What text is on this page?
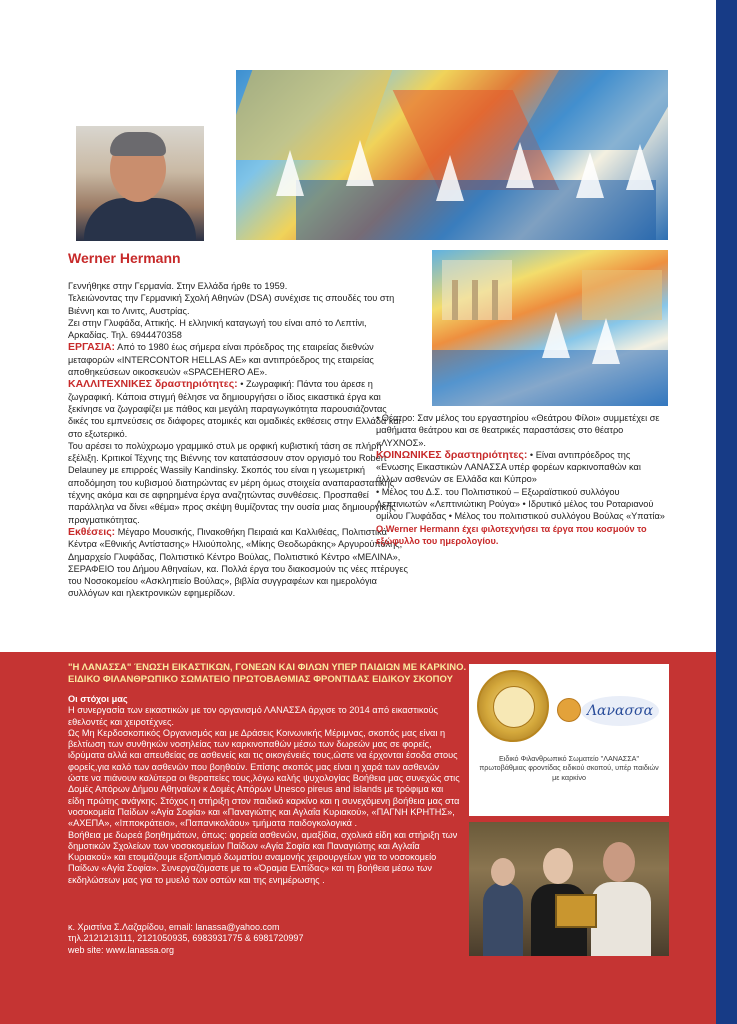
Werner Hermann

Γεννήθηκε στην Γερμανία. Στην Ελλάδα ήρθε το 1959.

Τελειώνοντας την Γερμανική Σχολή Αθηνών (DSA) συνέχισε τις σπουδές του στη Βιέννη και το Λινιτς, Αυστρίας.

Ζει στην Γλυφάδα, Αττικής. Η ελληνική καταγωγή του είναι από το Λεπτίνι, Αρκαδίας. Τηλ. 6944470358

ΕΡΓΑΣΙΑ: Από το 1980 έως σήμερα είναι πρόεδρος της εταιρείας διεθνών μεταφορών «INTERCONTOR HELLAS AE» και αντιπρόεδρος της εταιρείας αποθηκεύσεων οικοσκευών «SPACEHERO AE».

ΚΑΛΛΙΤΕΧΝΙΚΕΣ δραστηριότητες: • Ζωγραφική: Πάντα του άρεσε η ζωγραφική. Κάποια στιγμή θέλησε να δημιουργήσει ο ίδιος εικαστικά έργα και ξεκίνησε να ζωγραφίζει με πάθος και μεγάλη παραγωγικότητα παρουσιάζοντας δικές του εμπνεύσεις σε διάφορες ατομικές και ομαδικές εκθέσεις στην Ελλάδα και στο εξωτερικό.

Του αρέσει το πολύχρωμο γραμμικό στυλ με ορφική κυβιστική τάση σε πλήρη εξέλιξη. Κριτικοί Τέχνης της Βιέννης τον κατατάσσουν στον οργισμό του Robert Delauney με επιρροές Wassily Kandinsky. Σκοπός του είναι η γεωμετρική αποδόμηση του κυβισμού διατηρώντας εν μέρη όμως στοιχεία αναπαραστατικής τέχνης ακόμα και σε αφηρημένα έργα αναζητώντας συνθέσεις. Προσπαθεί παράλληλα να δίνει «θέμα» προς σκέψη θυμίζοντας την ουσία μιας δημιουργικής πραγματικότητας.

Εκθέσεις: Μέγαρο Μουσικής, Πινακοθήκη Πειραιά και Καλλιθέας, Πολιτιστικά Κέντρα «Εθνικής Αντίστασης» Ηλιούπολης, «Μίκης Θεοδωράκης» Αργυρούπολης, Δημαρχείο Γλυφάδας, Πολιτιστικό Κέντρο Βούλας, Πολιτιστικό Κέντρο «ΜΕΛΙΝΑ», ΣΕΡΑΦΕΙΟ του Δήμου Αθηναίων, κα. Πολλά έργα του διακοσμούν τις νέες πτέρυγες του Νοσοκομείου «Ασκληπιείο Βούλας», βιβλία συγγραφέων και ημερολόγια συλλόγων και ηλεκτρονικών εφημερίδων.

• Θέατρο: Σαν μέλος του εργαστηρίου «Θεάτρου Φίλοι» συμμετέχει σε μαθήματα θεάτρου και σε θεατρικές παραστάσεις στο θέατρο «ΛΥΧΝΟΣ».

ΚΟΙΝΩΝΙΚΕΣ δραστηριότητες: • Είναι αντιπρόεδρος της «Ενωσης Εικαστικών ΛΑΝΑΣΣΑ υπέρ φορέων καρκινοπαθών και άλλων ασθενών σε Ελλάδα και Κύπρο»

• Μέλος του Δ.Σ. του Πολιτιστικού – Εξωραϊστικού συλλόγου Λεπτινιωτών «Λεπτινιώτικη Ρούγα» • Ιδρυτικό μέλος του Ροταριανού ομίλου Γλυφάδας • Μέλος του πολιτιστικού συλλόγου Βούλας «Υπατία»

O Werner Hermann έχει φιλοτεχνήσει τα έργα που κοσμούν το εξώφυλλο του ημερολογίου.

"Η ΛΑΝΑΣΣΑ" ΈΝΩΣΗ ΕΙΚΑΣΤΙΚΩΝ, ΓΟΝΕΩΝ ΚΑΙ ΦΙΛΩΝ ΥΠΕΡ ΠΑΙΔΙΩΝ ΜΕ ΚΑΡΚΙΝΟ.
ΕΙΔΙΚΟ ΦΙΛΑΝΘΡΩΠΙΚΟ ΣΩΜΑΤΕΙΟ ΠΡΩΤΟΒΑΘΜΙΑΣ ΦΡΟΝΤΙΔΑΣ ΕΙΔΙΚΟΥ ΣΚΟΠΟΥ

Οι στόχοι μας

Η συνεργασία των εικαστικών με τον οργανισμό ΛΑΝΑΣΣΑ άρχισε το 2014 από εικαστικούς εθελοντές και χειροτέχνες.

Ως Μη Κερδοσκοπικός Οργανισμός και με Δράσεις Κοινωνικής Μέριμνας, σκοπός μας είναι η βελτίωση των συνθηκών νοσηλείας των καρκινοπαθών μέσω των δωρεών μας σε φορείς, ιδρύματα αλλά και απευθείας σε ασθενείς και τις οικογένειές τους,ώστε να έρχονται έσοδα στους φορείς,για καλό των ασθενών που βοηθούν. Επίσης σκοπός μας είναι η χαρά των ασθενών ώστε να πιάνουν καλύτερα οι θεραπείες τους,λόγω καλής ψυχολογίας Βοήθεια μας συνεχώς στις Δομές Απόρων Δήμου Αθηναίων κ Δομές Απόρων Unesco pireus and islands με τρόφιμα και είδη πρώτης ανάγκης. Στόχος η στήριξη στον παιδικό καρκίνο και η συνεχόμενη βοήθεια μας στα νοσοκομεία Παίδων «Αγία Σοφία» και «Παναγιώτης και Αγλαΐα Κυριακού», «ΠΑΓΝΗ ΚΡΗΤΗΣ», «ΑΧΕΠΑ», «Ιπποκράτειο», «Παπανικολάου» τμήματα παιδογκολογικά .

Βοήθεια με δωρεά βοηθημάτων, όπως: φορεία ασθενών, αμαξίδια, σχολικά είδη και στήριξη των δημοτικών Σχολείων των νοσοκομείων Παίδων «Αγία Σοφία και Παναγιώτης και Αγλαΐα Κυριακού» και ετοιμάζουμε εξοπλισμό δωματίου αναμονής χειρουργείων για το νοσοκομείο Παίδων «Αγία Σοφία». Συνεργαζόμαστε με το «Όραμα Ελπίδας» και τη βοήθεια μέσω των εκδηλώσεων μας για το μυελό των οστών και της ενημέρωσης .

κ. Χριστίνα Σ.Λαζαρίδου, email: lanassa@yahoo.com

τηλ.2121213111, 2121050935, 6983931775 & 6981720997

web site: www.lanassa.org

Λανασσα
Ειδικό Φιλανθρωπικό Σωματείο "ΛΑΝΑΣΣΑ" πρωτοβάθμιας φροντίδας ειδικού σκοπού, υπέρ παιδιών με καρκίνο
